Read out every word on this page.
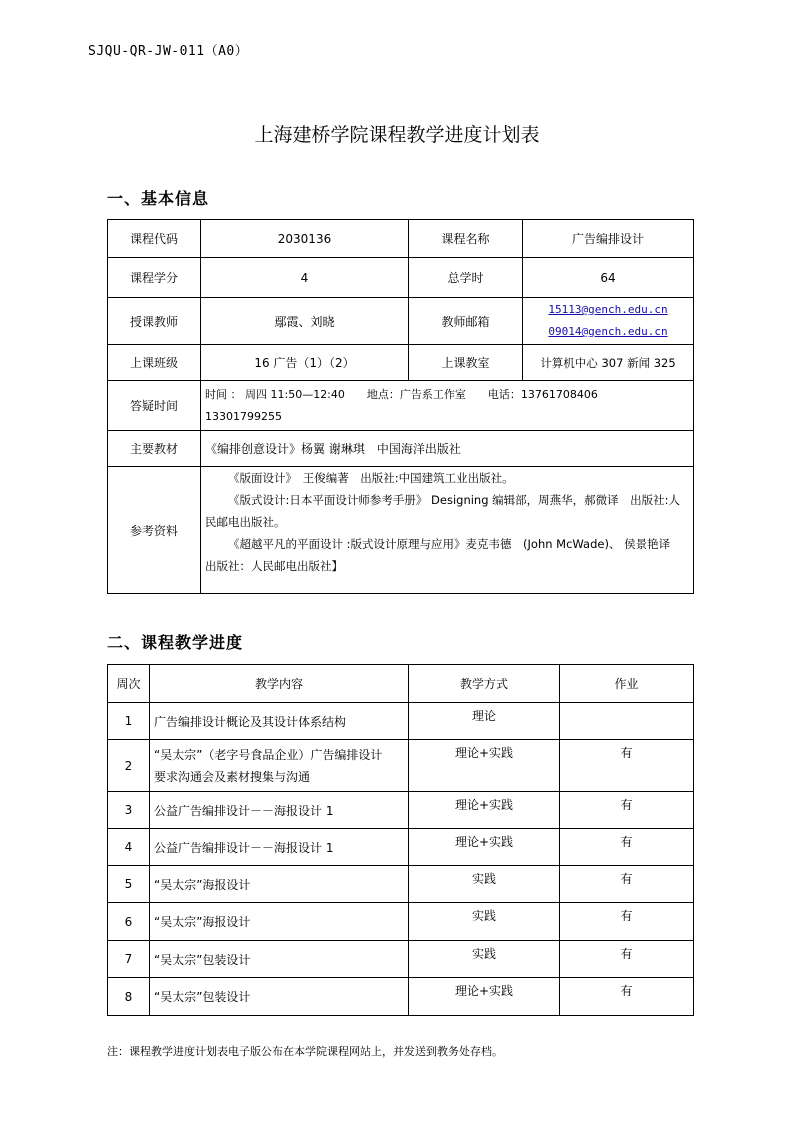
SJQU-QR-JW-011（A0）
上海建桥学院课程教学进度计划表
一、基本信息
课程代码	2030136	课程名称	广告编排设计
课程学分	4	总学时	64
授课教师	鄢霞、刘晓	教师邮箱	15113@gench.edu.cn
09014@gench.edu.cn

上课班级	16 广告（1）（2）	上课教室	计算机中心 307 新闻 325
答疑时间	时间 ： 周四 11:50—12:40　　地点：广告系工作室　　电话：13761708406
13301799255		

主要教材	《编排创意设计》杨翼 谢琳琪　中国海洋出版社		
参考资料	《版面设计》　王俊编著　出版社:中国建筑工业出版社。
《版式设计:日本平面设计师参考手册》 Designing 编辑部，周燕华，郝微译　出版社:人民邮电出版社。
《超越平凡的平面设计 :版式设计原理与应用》麦克韦德　(John McWade)、 侯景艳译　出版社：人民邮电出版社】		
二、课程教学进度
周次	教学内容	教学方式	作业
1	广告编排设计概论及其设计体系结构	理论	
2	“吴太宗”（老字号食品企业）广告编排设计
要求沟通会及素材搜集与沟通	理论+实践	有
3	公益广告编排设计－－海报设计 1	理论+实践	有
4	公益广告编排设计－－海报设计 1	理论+实践	有
5	“吴太宗”海报设计	实践	有
6	“吴太宗”海报设计	实践	有
7	“吴太宗”包装设计	实践	有
8	“吴太宗”包装设计	理论+实践	有
注：课程教学进度计划表电子版公布在本学院课程网站上，并发送到教务处存档。
